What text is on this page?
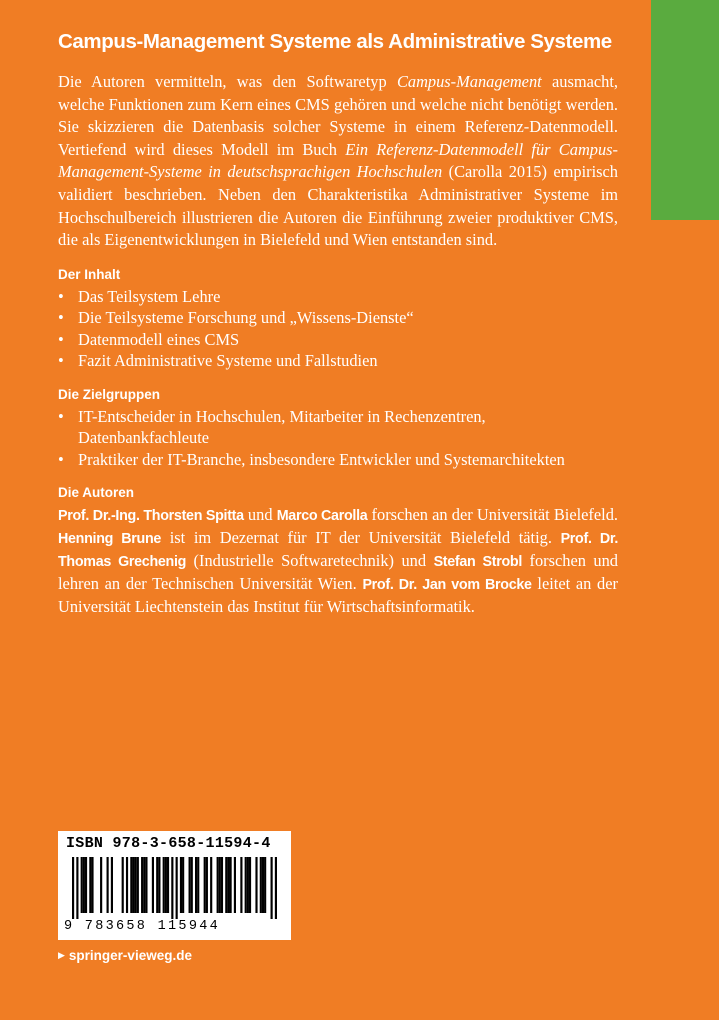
Campus-Management Systeme als Administrative Systeme

Die Autoren vermitteln, was den Softwaretyp Campus-Management ausmacht, welche Funktionen zum Kern eines CMS gehören und welche nicht benötigt werden. Sie skizzieren die Datenbasis solcher Systeme in einem Referenz-Datenmodell. Vertiefend wird dieses Modell im Buch Ein Referenz-Datenmodell für Campus-Management-Systeme in deutschsprachigen Hochschulen (Carolla 2015) empirisch validiert beschrieben. Neben den Charakteristika Administrativer Systeme im Hochschulbereich illustrieren die Autoren die Einführung zweier produktiver CMS, die als Eigenentwicklungen in Bielefeld und Wien entstanden sind.

Der Inhalt
• Das Teilsystem Lehre
• Die Teilsysteme Forschung und „Wissens-Dienste“
• Datenmodell eines CMS
• Fazit Administrative Systeme und Fallstudien
Die Zielgruppen
• IT-Entscheider in Hochschulen, Mitarbeiter in Rechenzentren, Datenbankfachleute
• Praktiker der IT-Branche, insbesondere Entwickler und Systemarchitekten
Die Autoren

Prof. Dr.-Ing. Thorsten Spitta und Marco Carolla forschen an der Universität Bielefeld. Henning Brune ist im Dezernat für IT der Universität Bielefeld tätig. Prof. Dr. Thomas Grechenig (Industrielle Softwaretechnik) und Stefan Strobl forschen und lehren an der Technischen Universität Wien. Prof. Dr. Jan vom Brocke leitet an der Universität Liechtenstein das Institut für Wirtschaftsinformatik.

ISBN 978-3-658-11594-4
9 783658 115944
▶ springer-vieweg.de
